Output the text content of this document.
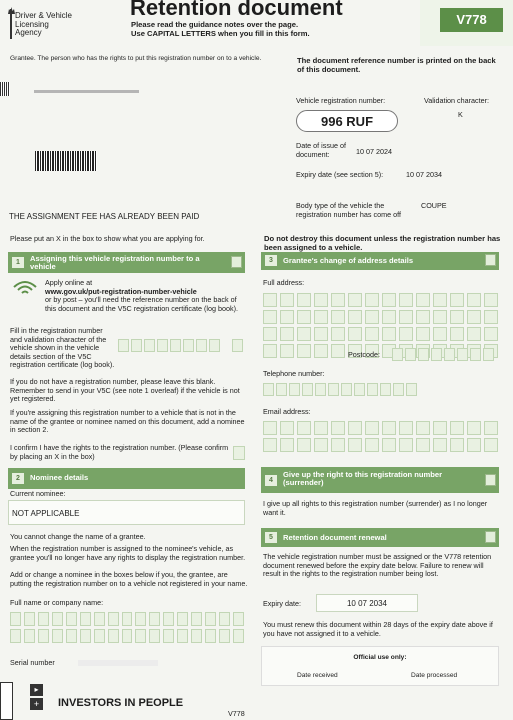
Driver & Vehicle
Licensing
Agency
Retention document
Please read the guidance notes over the page.
Use CAPITAL LETTERS when you fill in this form.
V778
Grantee. The person who has the rights to put this registration number on to a vehicle.	The document reference number is printed on the back of this document.
Vehicle registration number:	Validation character:
996 RUF	K
Date of issue of document:	10 07 2024
Expiry date (see section 5):	10 07 2034
Body type of the vehicle the registration number has come off
COUPE
THE ASSIGNMENT FEE HAS ALREADY BEEN PAID
Please put an X in the box to show what you are applying for.	Do not destroy this document unless the registration number has been assigned to a vehicle.
1	Assigning this vehicle registration number to a vehicle
Apply online at
www.gov.uk/put-registration-number-vehicle
or by post – you'll need the reference number on the back of this document and the V5C registration certificate (log book).
Fill in the registration number and validation character of the vehicle shown in the vehicle details section of the V5C registration certificate (log book).
If you do not have a registration number, please leave this blank. Remember to send in your V5C (see note 1 overleaf) if the vehicle is not yet registered.
If you're assigning this registration number to a vehicle that is not in the name of the grantee or nominee named on this document, add a nominee in section 2.
I confirm I have the rights to the registration number. (Please confirm by placing an X in the box)
2	Nominee details
Current nominee:
NOT APPLICABLE
You cannot change the name of a grantee.
When the registration number is assigned to the nominee's vehicle, as grantee you'll no longer have any rights to display the registration number.
Add or change a nominee in the boxes below if you, the grantee, are putting the registration number on to a vehicle not registered in your name.
Full name or company name:
Serial number
3	Grantee's change of address details
Full address:
Postcode:
Telephone number:
Email address:
4
Give up the right to this registration number (surrender)
I give up all rights to this registration number (surrender) as I no longer want it.
5	Retention document renewal
The vehicle registration number must be assigned or the V778 retention document renewed before the expiry date below. Failure to renew will result in the rights to the registration number being lost.
Expiry date:	10 07 2034
You must renew this document within 28 days of the expiry date above if you have not assigned it to a vehicle.
Official use only:
Date received	Date processed
▸
+	INVESTORS IN PEOPLE
V778
